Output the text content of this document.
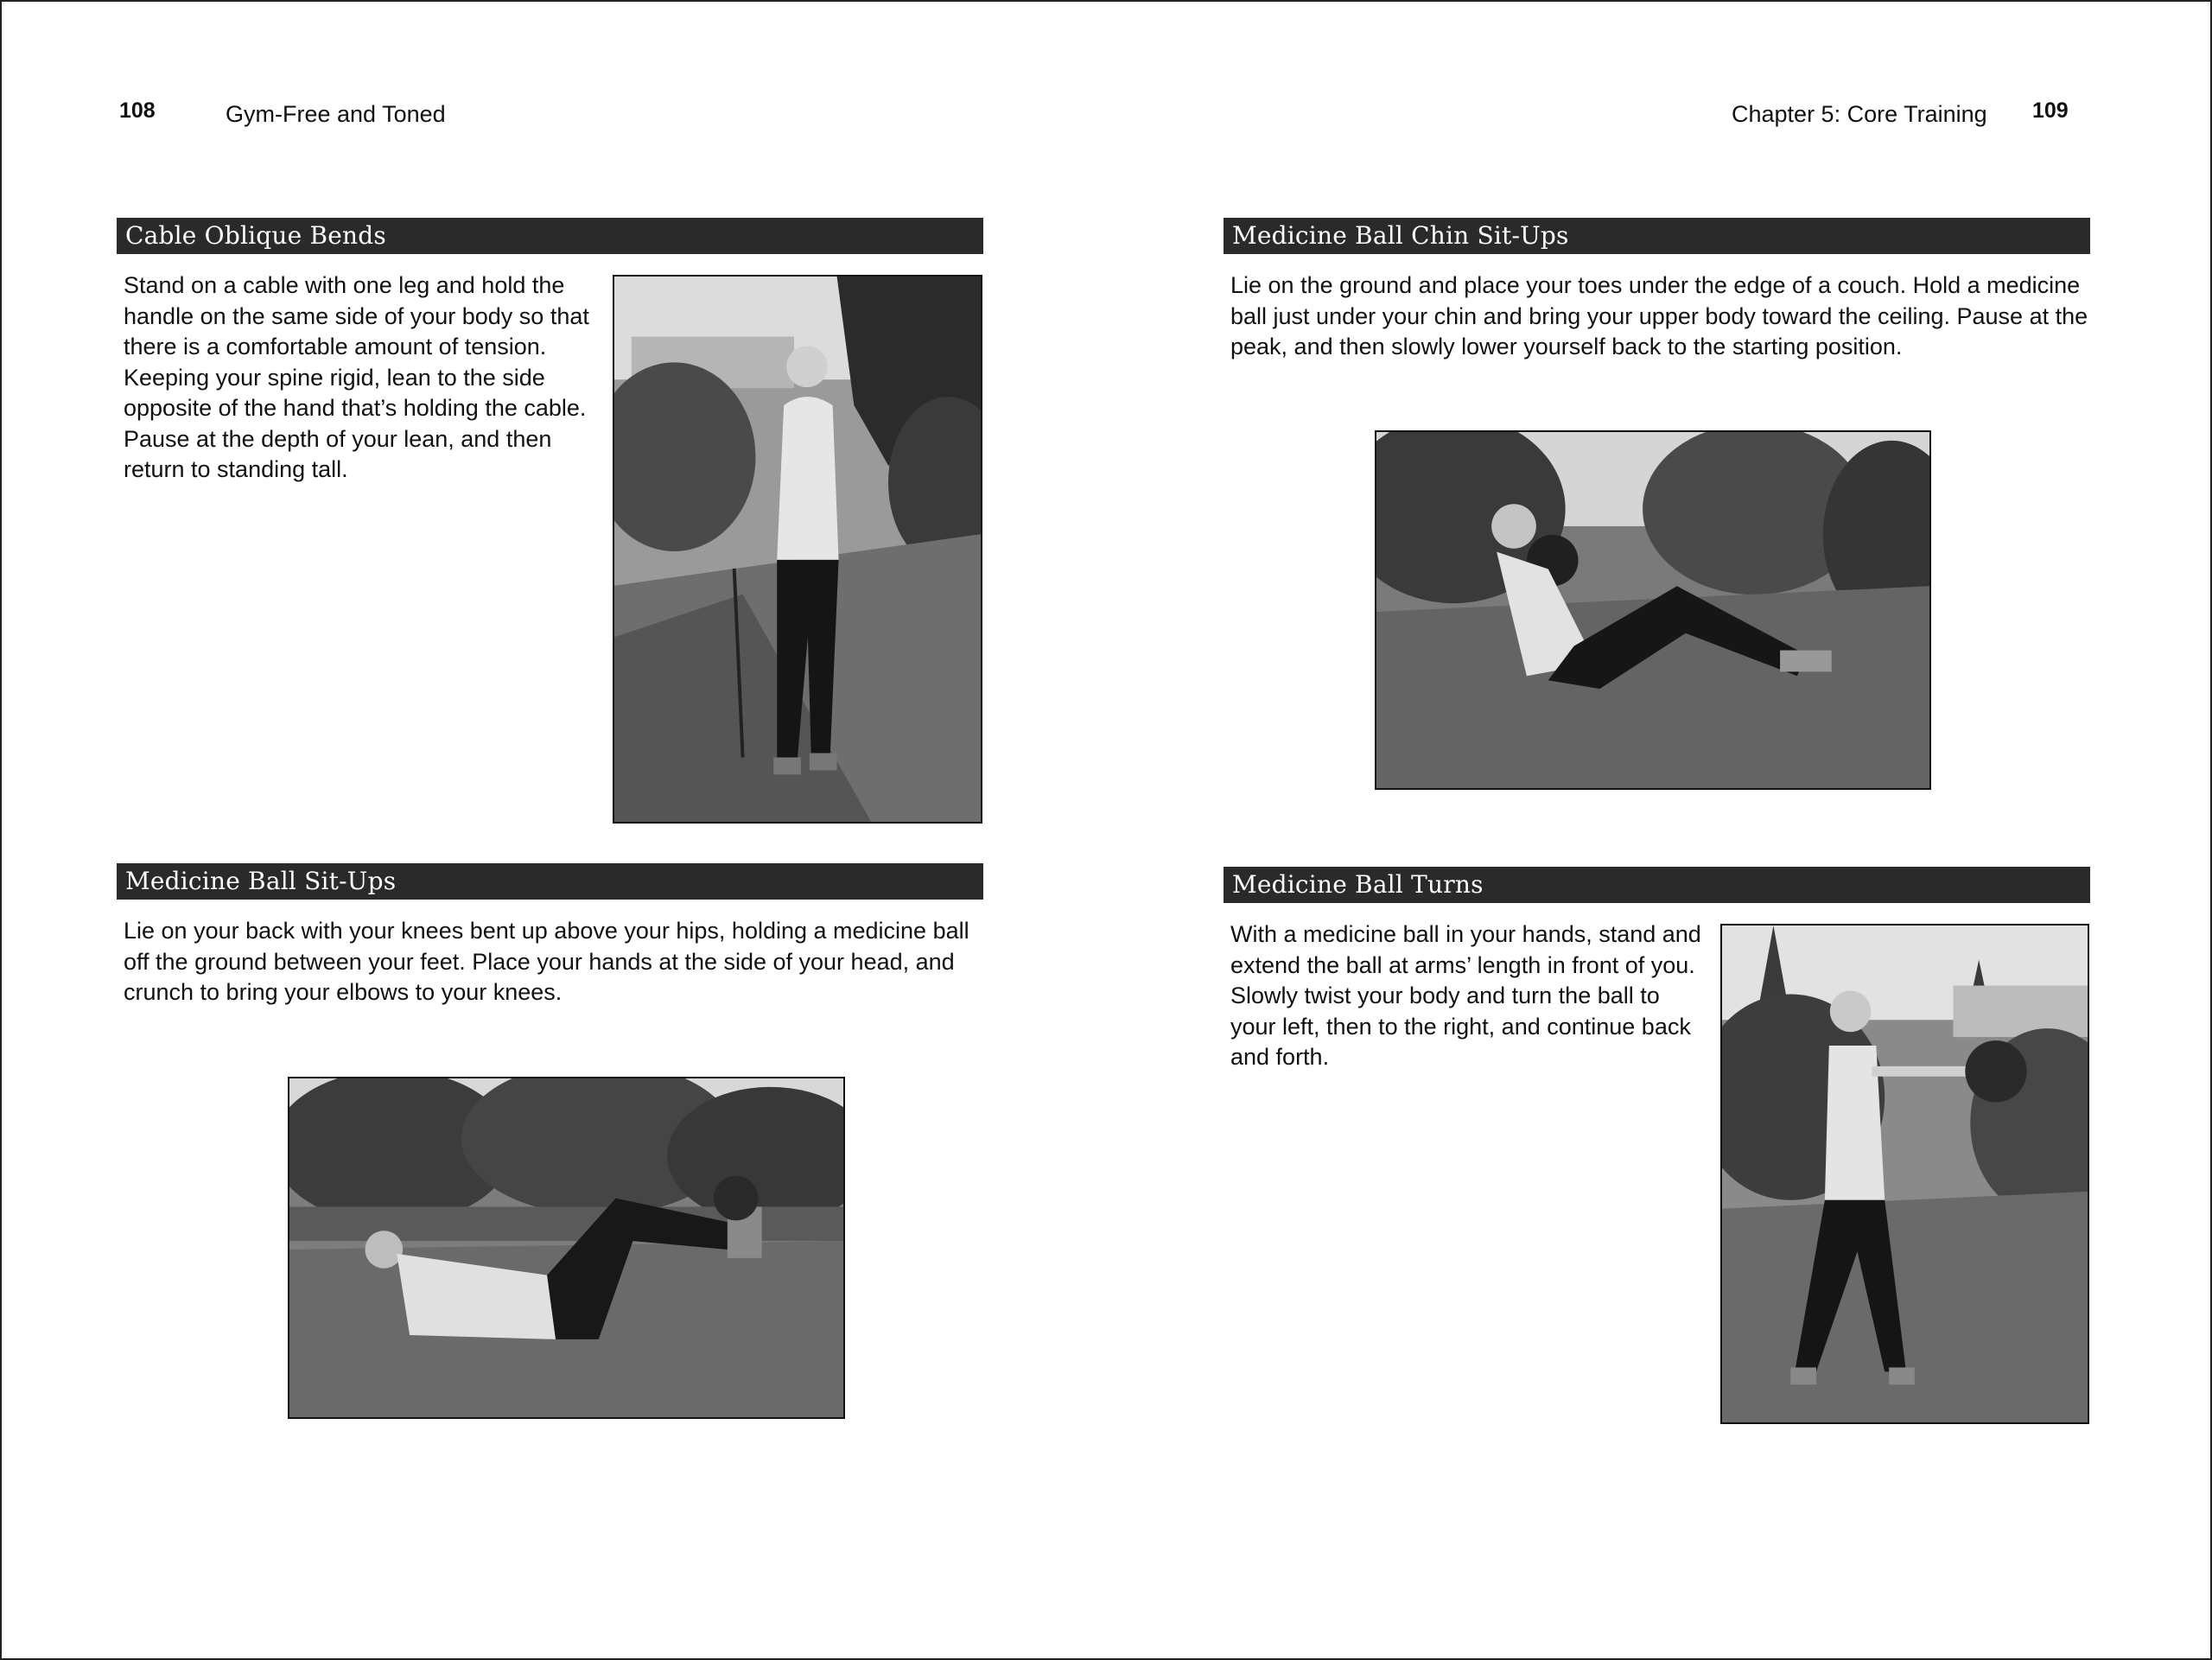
108	Gym-Free and Toned	Chapter 5: Core Training 109
Cable Oblique Bends

Stand on a cable with one leg and hold the handle on the same side of your body so that there is a comfortable amount of tension. Keeping your spine rigid, lean to the side opposite of the hand that’s holding the cable. Pause at the depth of your lean, and then return to standing tall.

Medicine Ball Sit-Ups

Lie on your back with your knees bent up above your hips, holding a medicine ball off the ground between your feet. Place your hands at the side of your head, and crunch to bring your elbows to your knees.

Medicine Ball Chin Sit-Ups

Lie on the ground and place your toes under the edge of a couch. Hold a medicine ball just under your chin and bring your upper body toward the ceiling. Pause at the peak, and then slowly lower yourself back to the starting position.

Medicine Ball Turns

With a medicine ball in your hands, stand and extend the ball at arms’ length in front of you. Slowly twist your body and turn the ball to your left, then to the right, and continue back and forth.
